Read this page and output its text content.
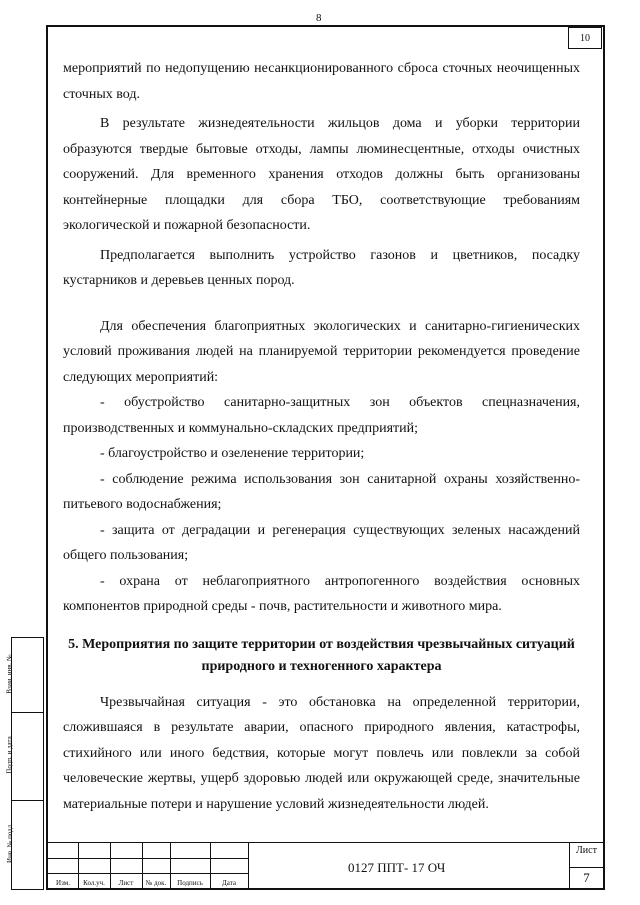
8
10

мероприятий по недопущению несанкционированного сброса сточных неочищенных сточных вод.

В результате жизнедеятельности жильцов дома и уборки территории образуются твердые бытовые отходы, лампы люминесцентные, отходы очистных сооружений. Для временного хранения отходов должны быть организованы контейнерные площадки для сбора ТБО, соответствующие требованиям экологической и пожарной безопасности.

Предполагается выполнить устройство газонов и цветников, посадку кустарников и деревьев ценных пород.

Для обеспечения благоприятных экологических и санитарно-гигиенических условий проживания людей на планируемой территории рекомендуется проведение следующих мероприятий:

- обустройство санитарно-защитных зон объектов спецназначения, производственных и коммунально-складских предприятий;

- благоустройство и озеленение территории;

- соблюдение режима использования зон санитарной охраны хозяйственно-питьевого водоснабжения;

- защита от деградации и регенерация существующих зеленых насаждений общего пользования;

- охрана от неблагоприятного антропогенного воздействия основных компонентов природной среды - почв, растительности и животного мира.

5. Мероприятия по защите территории от воздействия чрезвычайных ситуаций природного и техногенного характера

Чрезвычайная ситуация - это обстановка на определенной территории, сложившаяся в результате аварии, опасного природного явления, катастрофы, стихийного или иного бедствия, которые могут повлечь или повлекли за собой человеческие жертвы, ущерб здоровью людей или окружающей среде, значительные материальные потери и нарушение условий жизнедеятельности людей.

Взам. инв. №
Подп. и дата
Инв. № подл.
Изм.	Кол.уч.	Лист	№ док.	Подпись	Дата
0127 ППТ- 17 ОЧ
Лист
7
